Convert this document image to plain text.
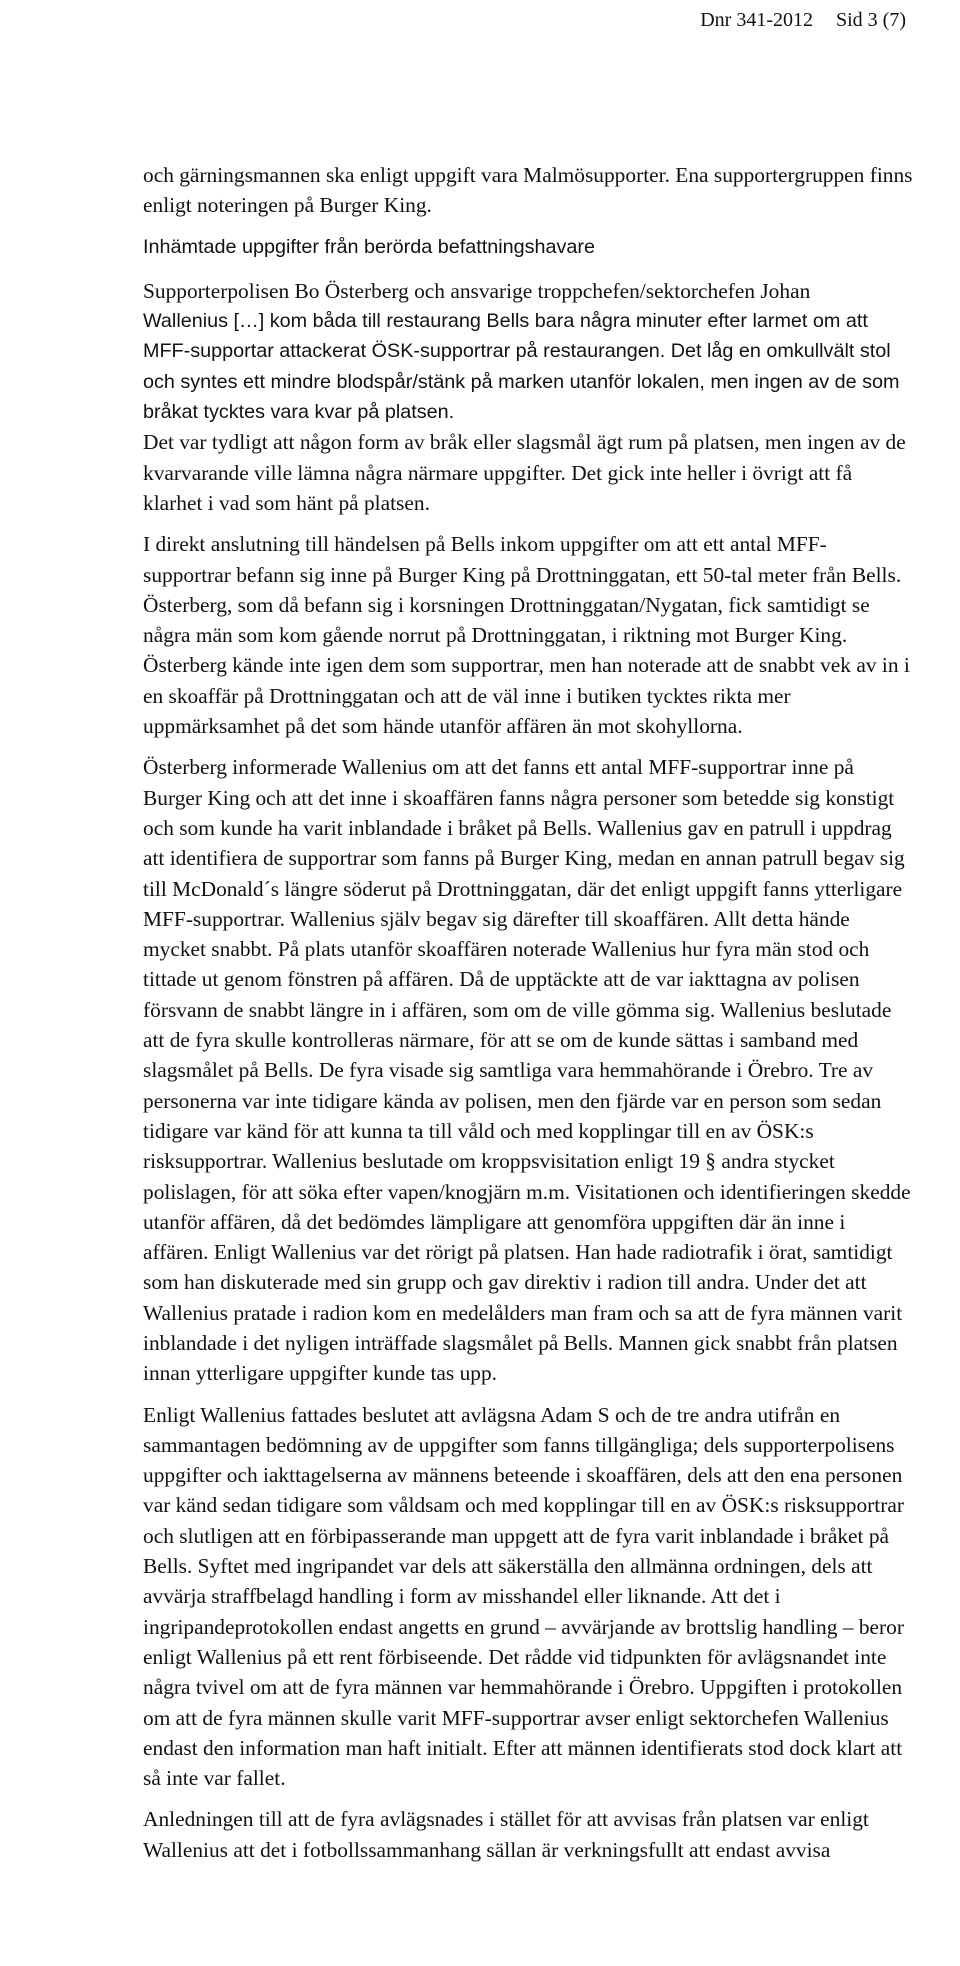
Dnr 341-2012 Sid 3 (7)

och gärningsmannen ska enligt uppgift vara Malmösupporter. Ena supportergruppen finns enligt noteringen på Burger King.

Inhämtade uppgifter från berörda befattningshavare

Supporterpolisen Bo Österberg och ansvarige troppchefen/sektorchefen Johan

Wallenius […] kom båda till restaurang Bells bara några minuter efter larmet om att MFF-supportar attackerat ÖSK-supportrar på restaurangen. Det låg en omkullvält stol och syntes ett mindre blodspår/stänk på marken utanför lokalen, men ingen av de som bråkat tycktes vara kvar på platsen.

Det var tydligt att någon form av bråk eller slagsmål ägt rum på platsen, men ingen av de kvarvarande ville lämna några närmare uppgifter. Det gick inte heller i övrigt att få klarhet i vad som hänt på platsen.

I direkt anslutning till händelsen på Bells inkom uppgifter om att ett antal MFF-supportrar befann sig inne på Burger King på Drottninggatan, ett 50-tal meter från Bells. Österberg, som då befann sig i korsningen Drottninggatan/Nygatan, fick samtidigt se några män som kom gående norrut på Drottninggatan, i riktning mot Burger King. Österberg kände inte igen dem som supportrar, men han noterade att de snabbt vek av in i en skoaffär på Drottninggatan och att de väl inne i butiken tycktes rikta mer uppmärksamhet på det som hände utanför affären än mot skohyllorna.

Österberg informerade Wallenius om att det fanns ett antal MFF-supportrar inne på Burger King och att det inne i skoaffären fanns några personer som betedde sig konstigt och som kunde ha varit inblandade i bråket på Bells. Wallenius gav en patrull i uppdrag att identifiera de supportrar som fanns på Burger King, medan en annan patrull begav sig till McDonald´s längre söderut på Drottninggatan, där det enligt uppgift fanns ytterligare MFF-supportrar. Wallenius själv begav sig därefter till skoaffären. Allt detta hände mycket snabbt. På plats utanför skoaffären noterade Wallenius hur fyra män stod och tittade ut genom fönstren på affären. Då de upptäckte att de var iakttagna av polisen försvann de snabbt längre in i affären, som om de ville gömma sig. Wallenius beslutade att de fyra skulle kontrolleras närmare, för att se om de kunde sättas i samband med slagsmålet på Bells. De fyra visade sig samtliga vara hemmahörande i Örebro. Tre av personerna var inte tidigare kända av polisen, men den fjärde var en person som sedan tidigare var känd för att kunna ta till våld och med kopplingar till en av ÖSK:s risksupportrar. Wallenius beslutade om kroppsvisitation enligt 19 § andra stycket polislagen, för att söka efter vapen/knogjärn m.m. Visitationen och identifieringen skedde utanför affären, då det bedömdes lämpligare att genomföra uppgiften där än inne i affären. Enligt Wallenius var det rörigt på platsen. Han hade radiotrafik i örat, samtidigt som han diskuterade med sin grupp och gav direktiv i radion till andra. Under det att Wallenius pratade i radion kom en medelålders man fram och sa att de fyra männen varit inblandade i det nyligen inträffade slagsmålet på Bells. Mannen gick snabbt från platsen innan ytterligare uppgifter kunde tas upp.

Enligt Wallenius fattades beslutet att avlägsna Adam S och de tre andra utifrån en sammantagen bedömning av de uppgifter som fanns tillgängliga; dels supporterpolisens uppgifter och iakttagelserna av männens beteende i skoaffären, dels att den ena personen var känd sedan tidigare som våldsam och med kopplingar till en av ÖSK:s risksupportrar och slutligen att en förbipasserande man uppgett att de fyra varit inblandade i bråket på Bells. Syftet med ingripandet var dels att säkerställa den allmänna ordningen, dels att avvärja straffbelagd handling i form av misshandel eller liknande. Att det i ingripandeprotokollen endast angetts en grund – avvärjande av brottslig handling – beror enligt Wallenius på ett rent förbiseende. Det rådde vid tidpunkten för avlägsnandet inte några tvivel om att de fyra männen var hemmahörande i Örebro. Uppgiften i protokollen om att de fyra männen skulle varit MFF-supportrar avser enligt sektorchefen Wallenius endast den information man haft initialt. Efter att männen identifierats stod dock klart att så inte var fallet.

Anledningen till att de fyra avlägsnades i stället för att avvisas från platsen var enligt Wallenius att det i fotbollssammanhang sällan är verkningsfullt att endast avvisa
